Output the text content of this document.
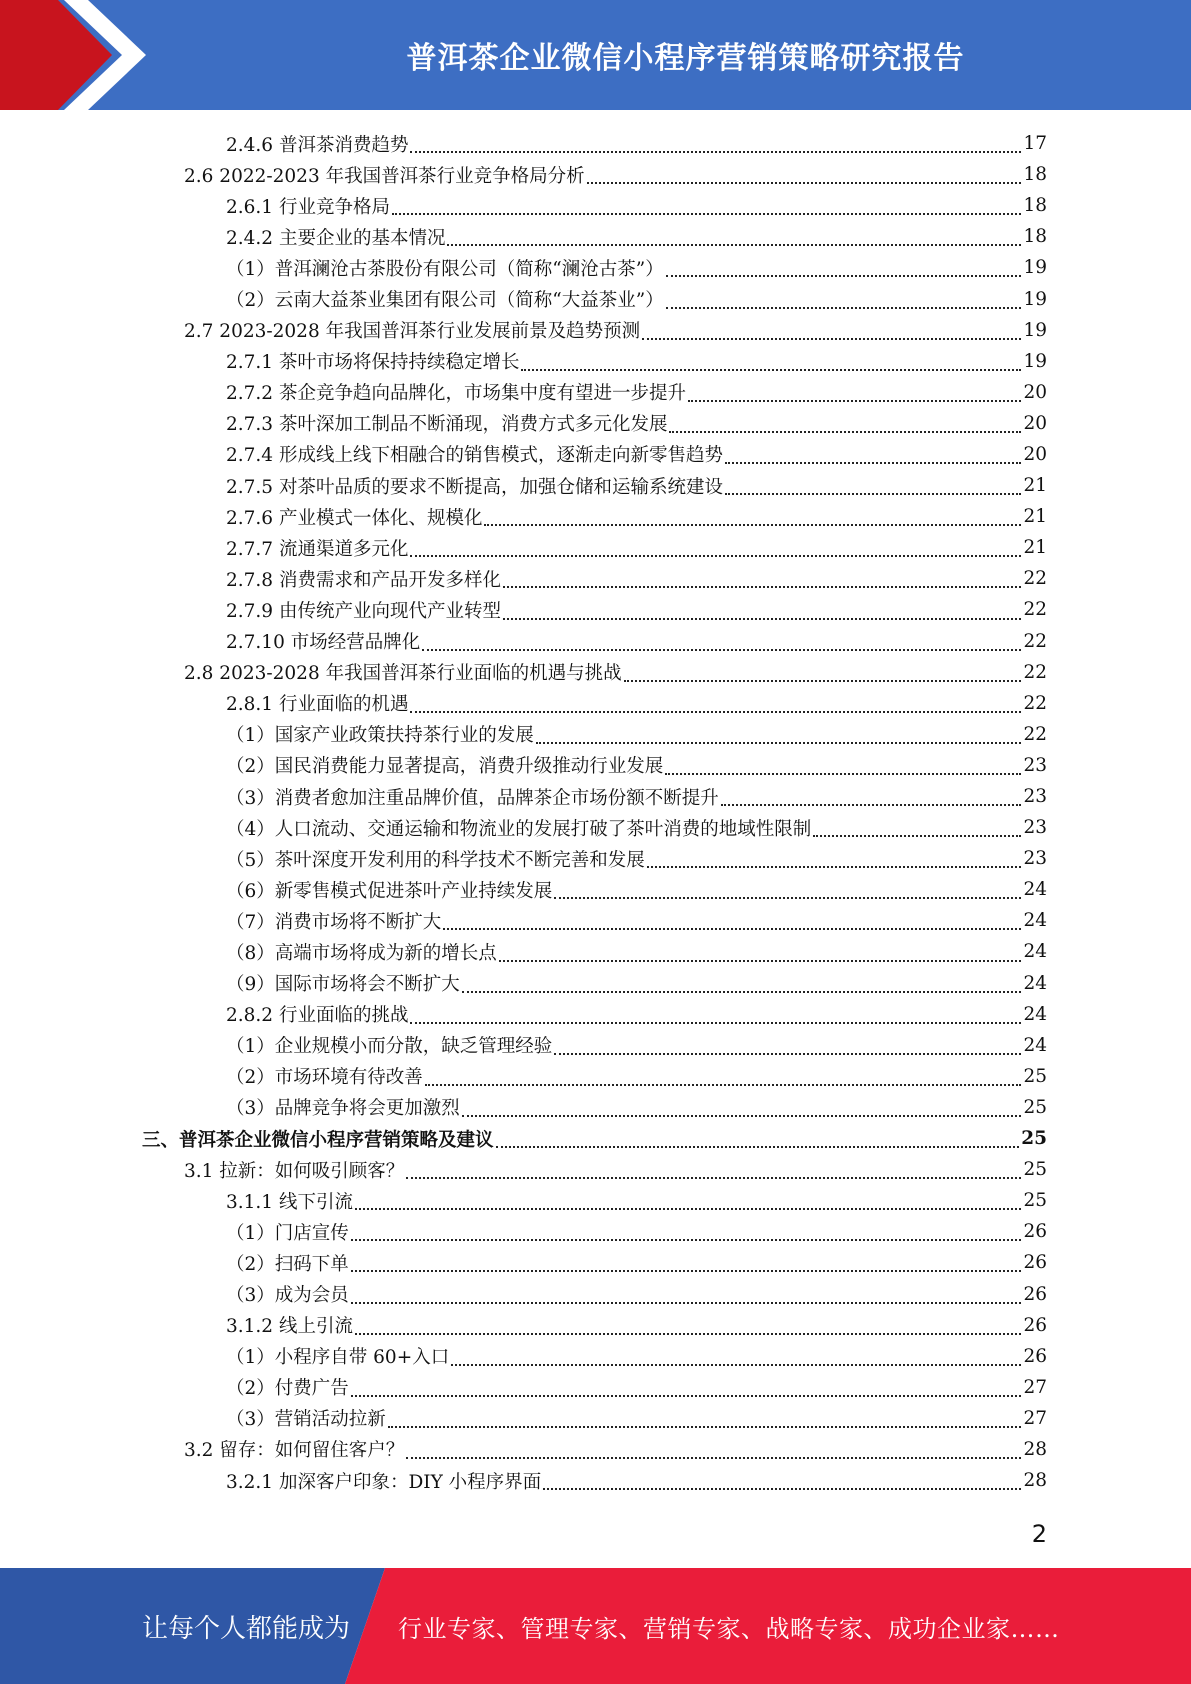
普洱茶企业微信小程序营销策略研究报告
2.4.6 普洱茶消费趋势	17
2.6 2022-2023 年我国普洱茶行业竞争格局分析	18
2.6.1 行业竞争格局	18
2.4.2 主要企业的基本情况	18
（1）普洱澜沧古茶股份有限公司（简称“澜沧古茶”）	19
（2）云南大益茶业集团有限公司（简称“大益茶业”）	19
2.7 2023-2028 年我国普洱茶行业发展前景及趋势预测	19
2.7.1 茶叶市场将保持持续稳定增长	19
2.7.2 茶企竞争趋向品牌化，市场集中度有望进一步提升	20
2.7.3 茶叶深加工制品不断涌现，消费方式多元化发展	20
2.7.4 形成线上线下相融合的销售模式，逐渐走向新零售趋势	20
2.7.5 对茶叶品质的要求不断提高，加强仓储和运输系统建设	21
2.7.6 产业模式一体化、规模化	21
2.7.7 流通渠道多元化	21
2.7.8 消费需求和产品开发多样化	22
2.7.9 由传统产业向现代产业转型	22
2.7.10 市场经营品牌化	22
2.8 2023-2028 年我国普洱茶行业面临的机遇与挑战	22
2.8.1 行业面临的机遇	22
（1）国家产业政策扶持茶行业的发展	22
（2）国民消费能力显著提高，消费升级推动行业发展	23
（3）消费者愈加注重品牌价值，品牌茶企市场份额不断提升	23
（4）人口流动、交通运输和物流业的发展打破了茶叶消费的地域性限制	23
（5）茶叶深度开发利用的科学技术不断完善和发展	23
（6）新零售模式促进茶叶产业持续发展	24
（7）消费市场将不断扩大	24
（8）高端市场将成为新的增长点	24
（9）国际市场将会不断扩大	24
2.8.2 行业面临的挑战	24
（1）企业规模小而分散，缺乏管理经验	24
（2）市场环境有待改善	25
（3）品牌竞争将会更加激烈	25
三、普洱茶企业微信小程序营销策略及建议	25
3.1 拉新：如何吸引顾客？	25
3.1.1 线下引流	25
（1）门店宣传	26
（2）扫码下单	26
（3）成为会员	26
3.1.2 线上引流	26
（1）小程序自带 60+入口	26
（2）付费广告	27
（3）营销活动拉新	27
3.2 留存：如何留住客户？	28
3.2.1 加深客户印象：DIY 小程序界面	28
2
让每个人都能成为 行业专家、管理专家、营销专家、战略专家、成功企业家……
